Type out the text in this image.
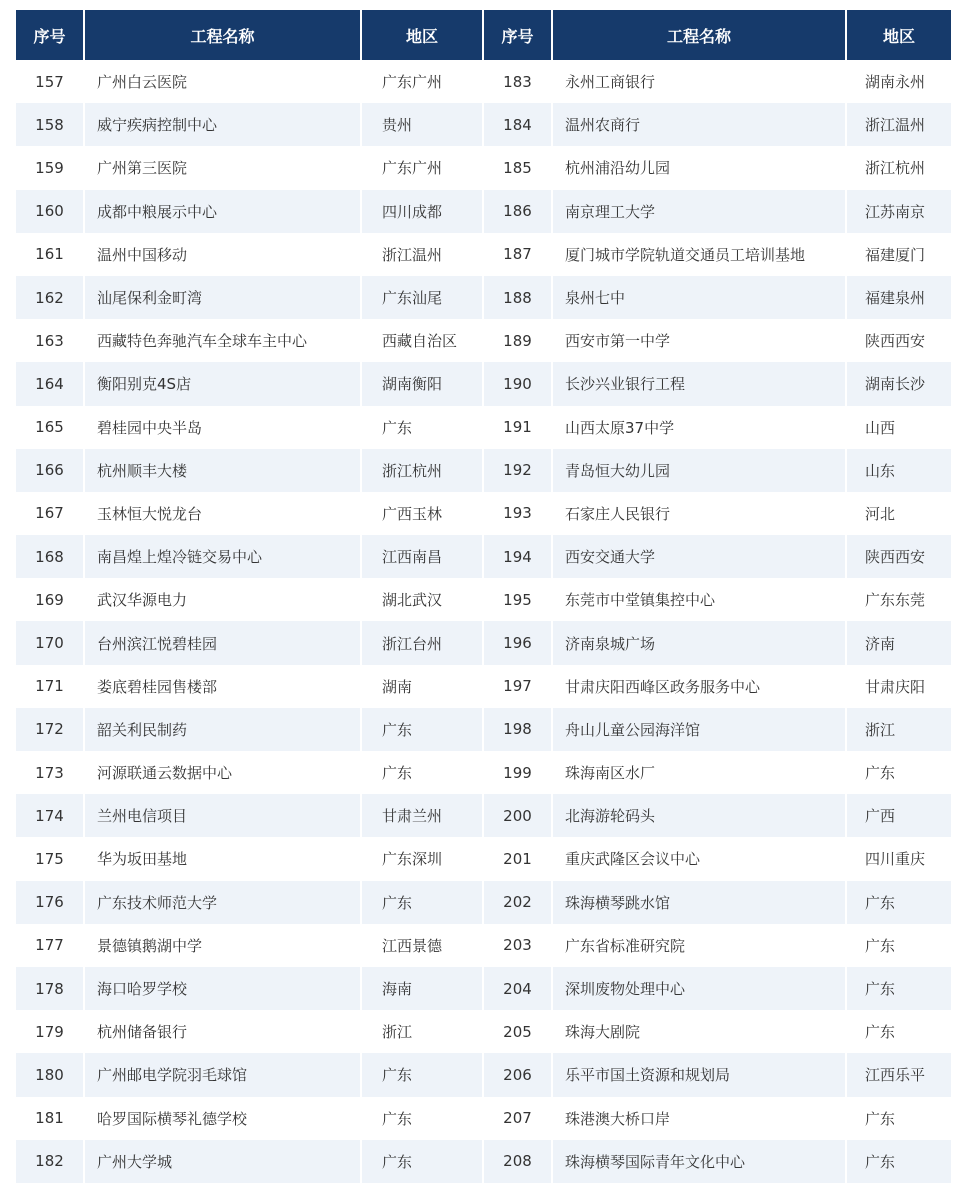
序号	工程名称	地区	序号	工程名称	地区
157	广州白云医院	广东广州	183	永州工商银行	湖南永州
158	威宁疾病控制中心	贵州	184	温州农商行	浙江温州
159	广州第三医院	广东广州	185	杭州浦沿幼儿园	浙江杭州
160	成都中粮展示中心	四川成都	186	南京理工大学	江苏南京
161	温州中国移动	浙江温州	187	厦门城市学院轨道交通员工培训基地	福建厦门
162	汕尾保利金町湾	广东汕尾	188	泉州七中	福建泉州
163	西藏特色奔驰汽车全球车主中心	西藏自治区	189	西安市第一中学	陕西西安
164	衡阳别克4S店	湖南衡阳	190	长沙兴业银行工程	湖南长沙
165	碧桂园中央半岛	广东	191	山西太原37中学	山西
166	杭州顺丰大楼	浙江杭州	192	青岛恒大幼儿园	山东
167	玉林恒大悦龙台	广西玉林	193	石家庄人民银行	河北
168	南昌煌上煌冷链交易中心	江西南昌	194	西安交通大学	陕西西安
169	武汉华源电力	湖北武汉	195	东莞市中堂镇集控中心	广东东莞
170	台州滨江悦碧桂园	浙江台州	196	济南泉城广场	济南
171	娄底碧桂园售楼部	湖南	197	甘肃庆阳西峰区政务服务中心	甘肃庆阳
172	韶关利民制药	广东	198	舟山儿童公园海洋馆	浙江
173	河源联通云数据中心	广东	199	珠海南区水厂	广东
174	兰州电信项目	甘肃兰州	200	北海游轮码头	广西
175	华为坂田基地	广东深圳	201	重庆武隆区会议中心	四川重庆
176	广东技术师范大学	广东	202	珠海横琴跳水馆	广东
177	景德镇鹅湖中学	江西景德	203	广东省标准研究院	广东
178	海口哈罗学校	海南	204	深圳废物处理中心	广东
179	杭州储备银行	浙江	205	珠海大剧院	广东
180	广州邮电学院羽毛球馆	广东	206	乐平市国土资源和规划局	江西乐平
181	哈罗国际横琴礼德学校	广东	207	珠港澳大桥口岸	广东
182	广州大学城	广东	208	珠海横琴国际青年文化中心	广东
